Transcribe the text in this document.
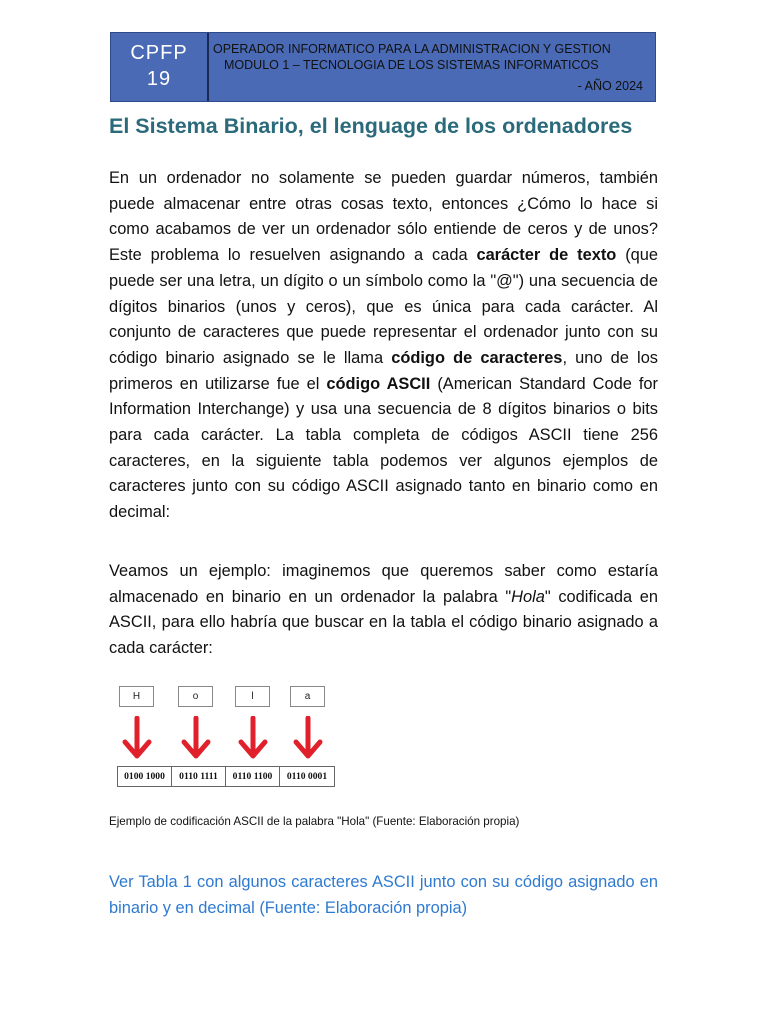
CPFP
19
OPERADOR INFORMATICO PARA LA ADMINISTRACION Y GESTION
MODULO 1 – TECNOLOGIA DE LOS SISTEMAS INFORMATICOS
- AÑO 2024
El Sistema Binario, el lenguage de los ordenadores

En un ordenador no solamente se pueden guardar números, también puede almacenar entre otras cosas texto, entonces ¿Cómo lo hace si como acabamos de ver un ordenador sólo entiende de ceros y de unos? Este problema lo resuelven asignando a cada carácter de texto (que puede ser una letra, un dígito o un símbolo como la "@") una secuencia de dígitos binarios (unos y ceros), que es única para cada carácter. Al conjunto de caracteres que puede representar el ordenador junto con su código binario asignado se le llama código de caracteres, uno de los primeros en utilizarse fue el código ASCII (American Standard Code for Information Interchange) y usa una secuencia de 8 dígitos binarios o bits para cada carácter. La tabla completa de códigos ASCII tiene 256 caracteres, en la siguiente tabla podemos ver algunos ejemplos de caracteres junto con su código ASCII asignado tanto en binario como en decimal:

Veamos un ejemplo: imaginemos que queremos saber como estaría almacenado en binario en un ordenador la palabra "Hola" codificada en ASCII, para ello habría que buscar en la tabla el código binario asignado a cada carácter:

H	o	l	a
0100 1000	0110 1111	0110 1100	0110 0001
Ejemplo de codificación ASCII de la palabra "Hola" (Fuente: Elaboración propia)

Ver Tabla 1 con algunos caracteres ASCII junto con su código asignado en binario y en decimal (Fuente: Elaboración propia)
